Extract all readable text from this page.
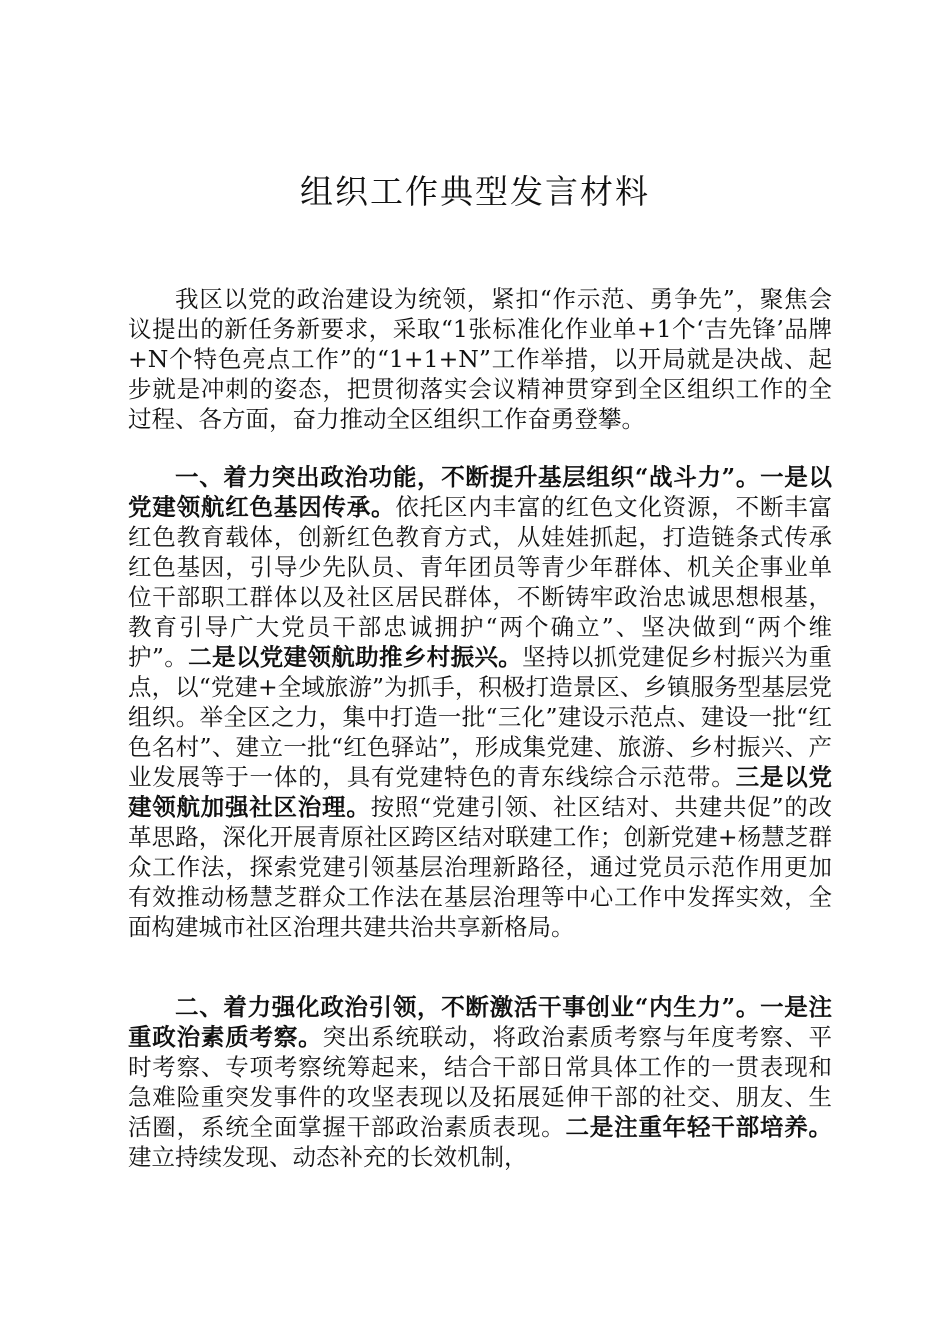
组织工作典型发言材料

我区以党的政治建设为统领，紧扣“作示范、勇争先”，聚焦会议提出的新任务新要求，采取“1张标准化作业单+1个‘吉先锋’品牌+N个特色亮点工作”的“1+1+N”工作举措，以开局就是决战、起步就是冲刺的姿态，把贯彻落实会议精神贯穿到全区组织工作的全过程、各方面，奋力推动全区组织工作奋勇登攀。

一、着力突出政治功能，不断提升基层组织“战斗力”。一是以党建领航红色基因传承。依托区内丰富的红色文化资源，不断丰富红色教育载体，创新红色教育方式，从娃娃抓起，打造链条式传承红色基因，引导少先队员、青年团员等青少年群体、机关企事业单位干部职工群体以及社区居民群体，不断铸牢政治忠诚思想根基，教育引导广大党员干部忠诚拥护“两个确立”、坚决做到“两个维护”。二是以党建领航助推乡村振兴。坚持以抓党建促乡村振兴为重点，以“党建+全域旅游”为抓手，积极打造景区、乡镇服务型基层党组织。举全区之力，集中打造一批“三化”建设示范点、建设一批“红色名村”、建立一批“红色驿站”，形成集党建、旅游、乡村振兴、产业发展等于一体的，具有党建特色的青东线综合示范带。三是以党建领航加强社区治理。按照“党建引领、社区结对、共建共促”的改革思路，深化开展青原社区跨区结对联建工作；创新党建+杨慧芝群众工作法，探索党建引领基层治理新路径，通过党员示范作用更加有效推动杨慧芝群众工作法在基层治理等中心工作中发挥实效，全面构建城市社区治理共建共治共享新格局。

二、着力强化政治引领，不断激活干事创业“内生力”。一是注重政治素质考察。突出系统联动，将政治素质考察与年度考察、平时考察、专项考察统筹起来，结合干部日常具体工作的一贯表现和急难险重突发事件的攻坚表现以及拓展延伸干部的社交、朋友、生活圈，系统全面掌握干部政治素质表现。二是注重年轻干部培养。建立持续发现、动态补充的长效机制，
